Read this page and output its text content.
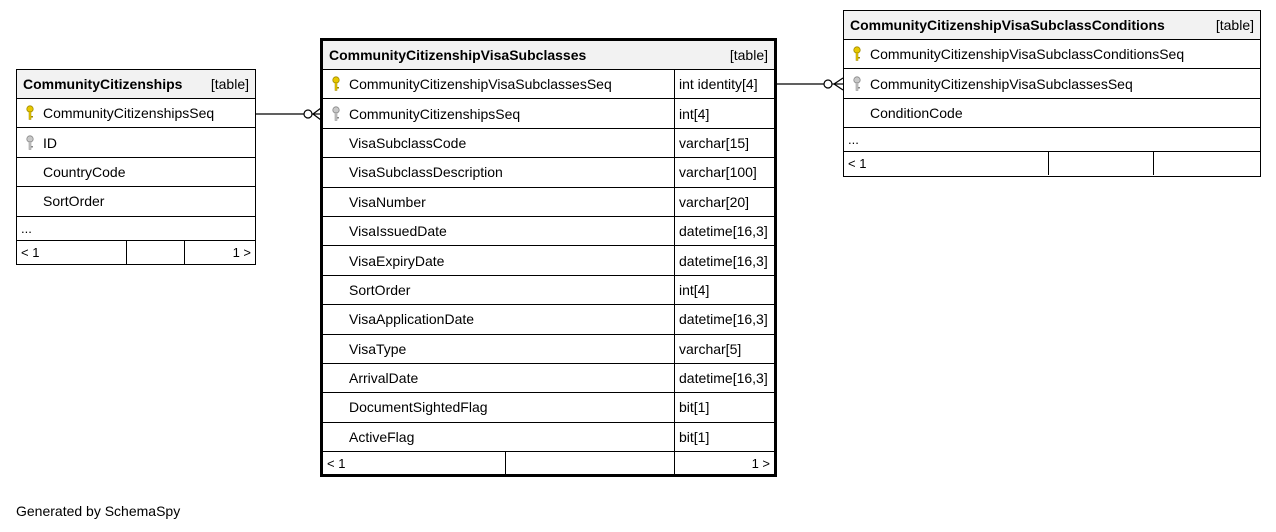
CommunityCitizenships [table]
CommunityCitizenshipsSeq
ID
CountryCode
SortOrder
...
< 1	1 >
CommunityCitizenshipVisaSubclasses	[table]
CommunityCitizenshipVisaSubclassesSeq	int identity[4]
CommunityCitizenshipsSeq	int[4]
VisaSubclassCode	varchar[15]
VisaSubclassDescription	varchar[100]
VisaNumber	varchar[20]
VisaIssuedDate	datetime[16,3]
VisaExpiryDate	datetime[16,3]
SortOrder	int[4]
VisaApplicationDate	datetime[16,3]
VisaType	varchar[5]
ArrivalDate	datetime[16,3]
DocumentSightedFlag	bit[1]
ActiveFlag	bit[1]
< 1	1 >
CommunityCitizenshipVisaSubclassConditions	[table]
CommunityCitizenshipVisaSubclassConditionsSeq
CommunityCitizenshipVisaSubclassesSeq
ConditionCode
...
< 1
Generated by SchemaSpy
